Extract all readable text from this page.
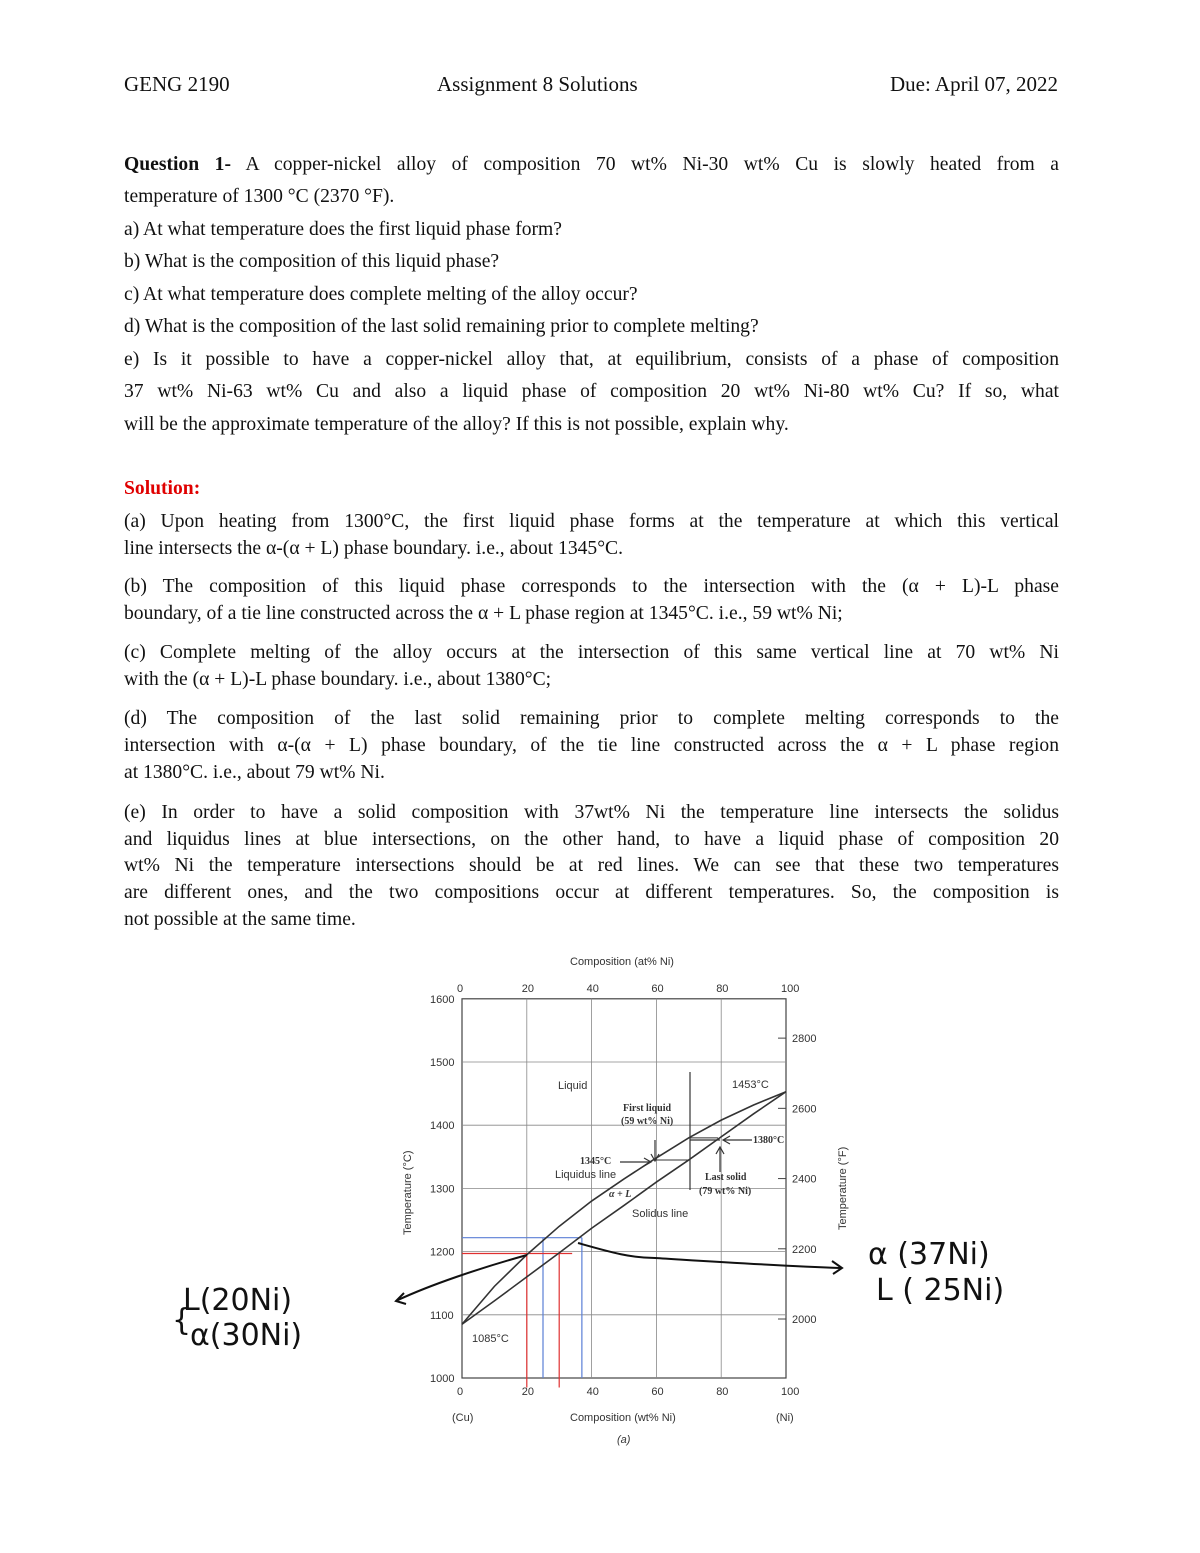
GENG 2190	Assignment 8 Solutions	Due: April 07, 2022
Question 1- A copper-nickel alloy of composition 70 wt% Ni-30 wt% Cu is slowly heated from a
temperature of 1300 °C (2370 °F).
a) At what temperature does the first liquid phase form?
b) What is the composition of this liquid phase?
c) At what temperature does complete melting of the alloy occur?
d) What is the composition of the last solid remaining prior to complete melting?
e) Is it possible to have a copper-nickel alloy that, at equilibrium, consists of a phase of composition
37 wt% Ni-63 wt% Cu and also a liquid phase of composition 20 wt% Ni-80 wt% Cu? If so, what
will be the approximate temperature of the alloy? If this is not possible, explain why.
Solution:
(a) Upon heating from 1300°C, the first liquid phase forms at the temperature at which this vertical
line intersects the α-(α + L) phase boundary. i.e., about 1345°C.
(b) The composition of this liquid phase corresponds to the intersection with the (α + L)-L phase
boundary, of a tie line constructed across the α + L phase region at 1345°C. i.e., 59 wt% Ni;
(c) Complete melting of the alloy occurs at the intersection of this same vertical line at 70 wt% Ni
with the (α + L)-L phase boundary. i.e., about 1380°C;
(d) The composition of the last solid remaining prior to complete melting corresponds to the
intersection with α-(α + L) phase boundary, of the tie line constructed across the α + L phase region
at 1380°C. i.e., about 79 wt% Ni.
(e) In order to have a solid composition with 37wt% Ni the temperature line intersects the solidus
and liquidus lines at blue intersections, on the other hand, to have a liquid phase of composition 20
wt% Ni the temperature intersections should be at red lines. We can see that these two temperatures
are different ones, and the two compositions occur at different temperatures. So, the composition is
not possible at the same time.
0	20	40	60	80	100
0	20	40	60	80	100
1000
1100
1200
1300
1400
1500
1600
2000
2200
2400
2600
2800
Composition (at% Ni)
Composition (wt% Ni)
(Cu)	(Ni)
(a)
Temperature (°C)	Temperature (°F)
Liquid	1453°C
1085°C
First liquid
(59 wt% Ni)
1345°C
Liquidus line
α + L
1380°C
Last solid
(79 wt% Ni)
Solidus line
L(20Ni)
α(30Ni)
{
α (37Ni)
L ( 25Ni)
